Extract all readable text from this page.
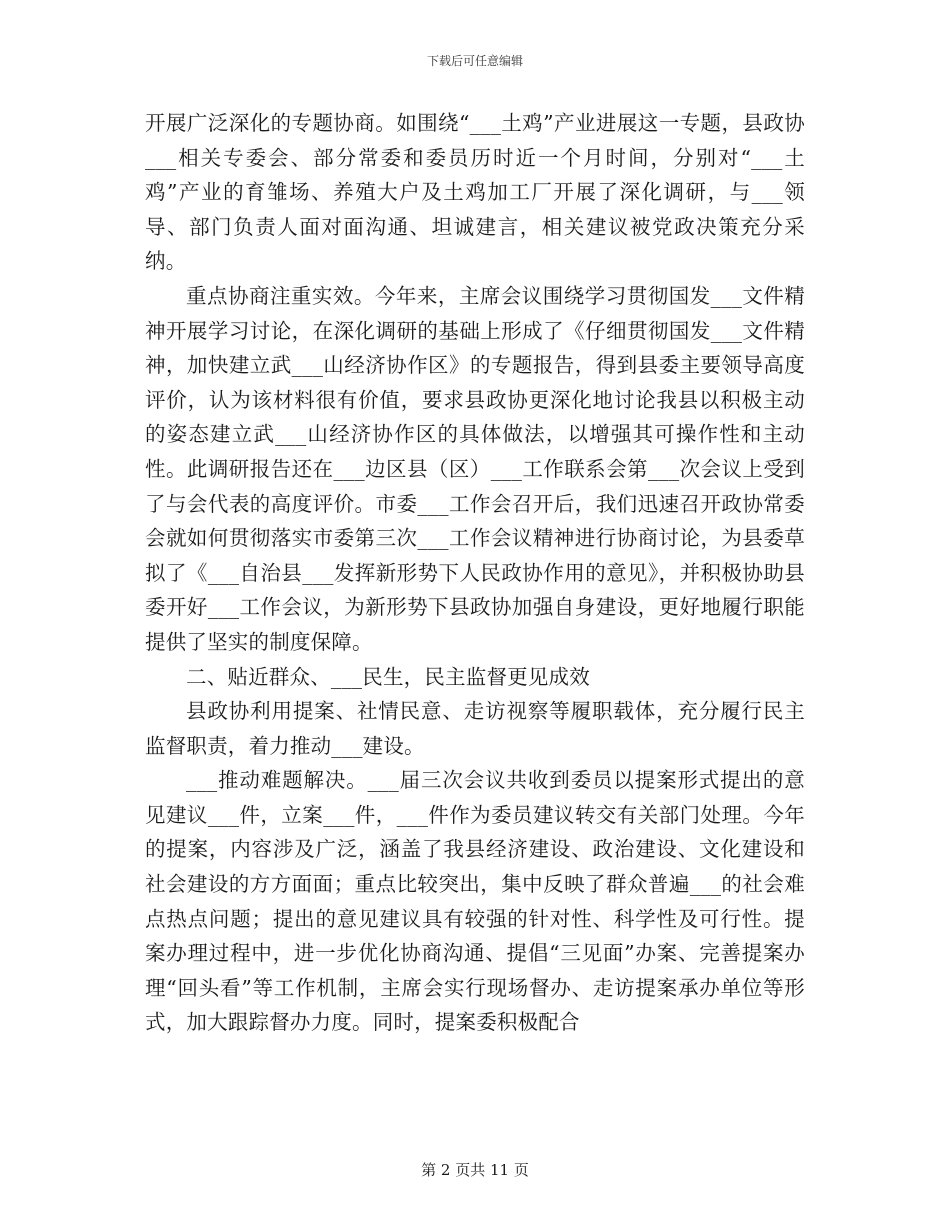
下载后可任意编辑

开展广泛深化的专题协商。如围绕“___土鸡”产业进展这一专题，县政协___相关专委会、部分常委和委员历时近一个月时间，分别对“___土鸡”产业的育雏场、养殖大户及土鸡加工厂开展了深化调研，与___领导、部门负责人面对面沟通、坦诚建言，相关建议被党政决策充分采纳。

重点协商注重实效。今年来，主席会议围绕学习贯彻国发___文件精神开展学习讨论，在深化调研的基础上形成了《仔细贯彻国发___文件精神，加快建立武___山经济协作区》的专题报告，得到县委主要领导高度评价，认为该材料很有价值，要求县政协更深化地讨论我县以积极主动的姿态建立武___山经济协作区的具体做法，以增强其可操作性和主动性。此调研报告还在___边区县（区）___工作联系会第___次会议上受到了与会代表的高度评价。市委___工作会召开后，我们迅速召开政协常委会就如何贯彻落实市委第三次___工作会议精神进行协商讨论，为县委草拟了《___自治县___发挥新形势下人民政协作用的意见》，并积极协助县委开好___工作会议，为新形势下县政协加强自身建设，更好地履行职能提供了坚实的制度保障。

二、贴近群众、___民生，民主监督更见成效

县政协利用提案、社情民意、走访视察等履职载体，充分履行民主监督职责，着力推动___建设。

___推动难题解决。___届三次会议共收到委员以提案形式提出的意见建议___件，立案___件，___件作为委员建议转交有关部门处理。今年的提案，内容涉及广泛，涵盖了我县经济建设、政治建设、文化建设和社会建设的方方面面；重点比较突出，集中反映了群众普遍___的社会难点热点问题；提出的意见建议具有较强的针对性、科学性及可行性。提案办理过程中，进一步优化协商沟通、提倡“三见面”办案、完善提案办理“回头看”等工作机制，主席会实行现场督办、走访提案承办单位等形式，加大跟踪督办力度。同时，提案委积极配合

第 2 页共 11 页
